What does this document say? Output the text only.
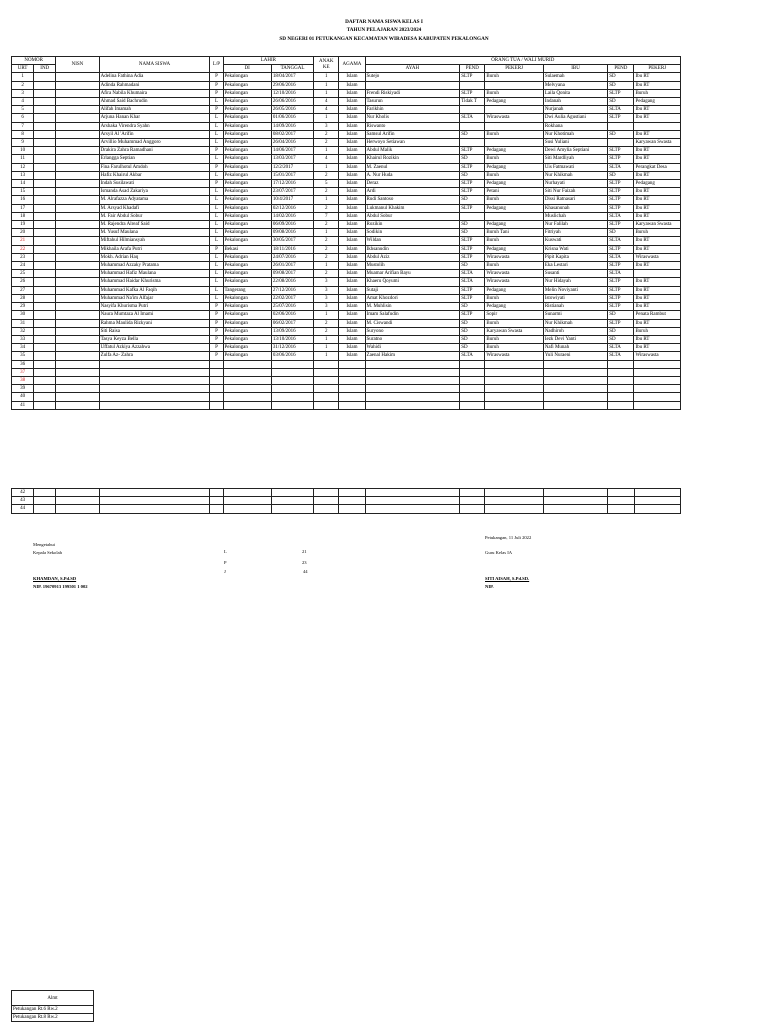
DAFTAR NAMA SISWA KELAS I
TAHUN PELAJARAN 2023/2024
SD NEGERI 01 PETUKANGAN KECAMATAN WIRADESA KABUPATEN PEKALONGAN
NOMOR		NISN	NAMA SISWA	L/P	LAHIR		ANAK KE	AGAMA	ORANG TUA / WALI MURID					
URT	IND				DI	TANGGAL			AYAH	PEND	PEKERJ	IBU	PEND	PEKERJ
1			Adelina Fathina Adia	P	Pekalongan	18/04/2017	1	Islam	Sutejo	SLTP	Buruh	Sulaemah	SD	Ibu RT
2			Adinda Rahmadani	P	Pekalongan	29/06/2016	1	Islam				Melvyana	SD	Ibu RT
3			Afira Nabila Khumaira	P	Pekalongan	12/10/2016	1	Islam	Frendi Riskiyadi	SLTP	Buruh	Laila Qonita	SLTP	Buruh
4			Ahmad Said Bachrudin	L	Pekalongan	26/06/2016	4	Islam	Tasurun	Tidak T	Pedagang	Indanah	SD	Pedagang
5			Alifah Imamah	P	Pekalongan	26/05/2016	4	Islam	Farikhin			Nurjanah	SLTA	Ibu RT
6			Arjuna Hanan Khar	L	Pekalongan	01/06/2016	1	Islam	Nur Kholis	SLTA	Wiraswasta	Dwi Aulia Agustiani	SLTP	Ibu RT
7			Arshaka Virendra Syahn	L	Pekalongan	14/09/2016	3	Islam	Riswanto			Rokhana		
8			Arsyil Al 'Arifin	L	Pekalongan	08/02/2017	2	Islam	Samsul Arifin	SD	Buruh	Nur Khotimah	SD	Ibu RT
9			Arvillio Muhammad Anggoro	L	Pekalongan	26/04/2016	2	Islam	Herwoyo Setiawan			Susi Yuliani		Karyawan Swasta
10			Drakira Zahra Ramadhani	P	Pekalongan	14/06/2017	1	Islam	Abdul Malik	SLTP	Pedagang	Dewi Amylia Septiani	SLTP	Ibu RT
11			Erlangga Septian	L	Pekalongan	13/03/2017	4	Islam	Khairul Rozikin	SD	Buruh	Siti Mardliyah	SLTP	Ibu RT
12			Fina Farulhotul Amdoh	P	Pekalongan	12/2/2017	1	Islam	M. Zaenul	SLTP	Pedagang	Uis Fatmawati	SLTA	Perangkat Desa
13			Hafiz Khairul Akbar	L	Pekalongan	15/01/2017	2	Islam	A. Nur Huda	SD	Buruh	Nur Khikmah	SD	Ibu RT
14			Indah Susilawati	P	Pekalongan	17/12/2016	5	Islam	Deraz	SLTP	Pedagang	Nurhayati	SLTP	Pedagang
15			Ismanda Asad Zakariya	L	Pekalongan	23/07/2017	2	Islam	Ardi	SLTP	Petani	Siti Nur Faizah	SLTP	Ibu RT
16			M. Alrafazza Adyatama	L	Pekalongan	10/4/2017	1	Islam	Rudi Santoso	SD	Buruh	Dissi Ratnasari	SLTP	Ibu RT
17			M. Arsyad Khadafi	L	Pekalongan	02/12/2016	2	Islam	Lukmanul Khakim	SLTP	Pedagang	Khasanunah	SLTP	Ibu RT
18			M. Fair Abdul Sobur	L	Pekalongan	14/02/2016	7	Islam	Abdul Sobur			Muslichah	SLTA	Ibu RT
19			M. Rajendra Alreaf Said	L	Pekalongan	06/09/2016	2	Islam	Rozikin	SD	Pedagang	Nur Falilah	SLTP	Karyawan Swasta
20			M. Yusuf Maulana	L	Pekalongan	09/08/2016	1	Islam	Sodikin	SD	Buruh Tani	Fitriyah	SD	Buruh
21			Miftahul Hilmiansyah	L	Pekalongan	30/05/2017	2	Islam	Wildan	SLTP	Buruh	Kuswati	SLTA	Ibu RT
22			Mikhaila Arafa Putri	P	Bekasi	18/11/2016	2	Islam	Ikhsanudin	SLTP	Pedagang	Krisna Wati	SLTP	Ibu RT
23			Mokh. Adrian Haq	L	Pekalongan	24/07/2016	2	Islam	Abdul Aziz	SLTP	Wiraswasta	Pipit Kapita	SLTA	Wiraswasta
24			Muhammad Azzaky Pratama	L	Pekalongan	26/01/2017	1	Islam	Mustolih	SD	Buruh	Eka Lestari	SLTP	Ibu RT
25			Muhammad Hafiz Maulana	L	Pekalongan	09/08/2017	2	Islam	Muamar Arifian Bayu	SLTA	Wiraswasta	Susanti	SLTA	
26			Muhammad Haidar Khurisma	L	Pekalongan	22/08/2016	3	Islam	Khaeru Qoyumi	SLTA	Wiraswasta	Nur Hidayah	SLTP	Ibu RT
27			Muhammad Kafka Al Faqih	L	Tangerang	27/12/2016	3	Islam	Sutaji	SLTP	Pedagang	Melin Noviyanti	SLTP	Ibu RT
28			Muhammad Na'im Alfajar	L	Pekalongan	22/02/2017	3	Islam	Amat Khozdori	SLTP	Buruh	Istowiyati	SLTP	Ibu RT
29			Nasyifa Khurisma Putri	P	Pekalongan	25/07/2016	3	Islam	M. Muhlisin	SD	Pedagang	Ristianah	SLTP	Ibu RT
30			Naura Mumtaza Al Imami	P	Pekalongan	02/06/2016	1	Islam	Imam Salafudin	SLTP	Sopir	Sunarmi	SD	Penata Rambut
31			Rahma Maulida Rizkyani	P	Pekalongan	06/02/2017	2	Islam	M. Ciswandi	SD	Buruh	Nur Khikmah	SLTP	Ibu RT
32			Siti Raisa	P	Pekalongan	13/09/2016	2	Islam	Suryono	SD	Karyawan Swasta	Nadhiroh	SD	Buruh
33			Tasya Keyza Bella	P	Pekalongan	13/10/2016	1	Islam	Suratno	SD	Buruh	Iezk Devi Yanti	SD	Ibu RT
34			Uffatul Azkiya Azzahwa	P	Pekalongan	31/12/2016	1	Islam	Wahidi	SD	Buruh	Nafi Munah	SLTA	Ibu RT
35			Zulfa Az- Zahra	P	Pekalongan	03/06/2016	1	Islam	Zaenal Hakim	SLTA	Wiraswasta	Yuli Nuraeni	SLTA	Wiraswasta
36														
37														
38														
39														
40														
41														
42														
43														
44														
Mengetahui
Kepala Sekolah
KHAMDAN, S.Pd.SD
NIP. 19670913 199501 1 002
L	21
P	23
J	44
Petukangan, 11 Juli 2022
Guru Kelas IA
SITI AISAH, S.Pd.SD.
NIP.
Almt
Petukangan Rt.6 Rw.2
Petukangan Rt.8 Rw.2
